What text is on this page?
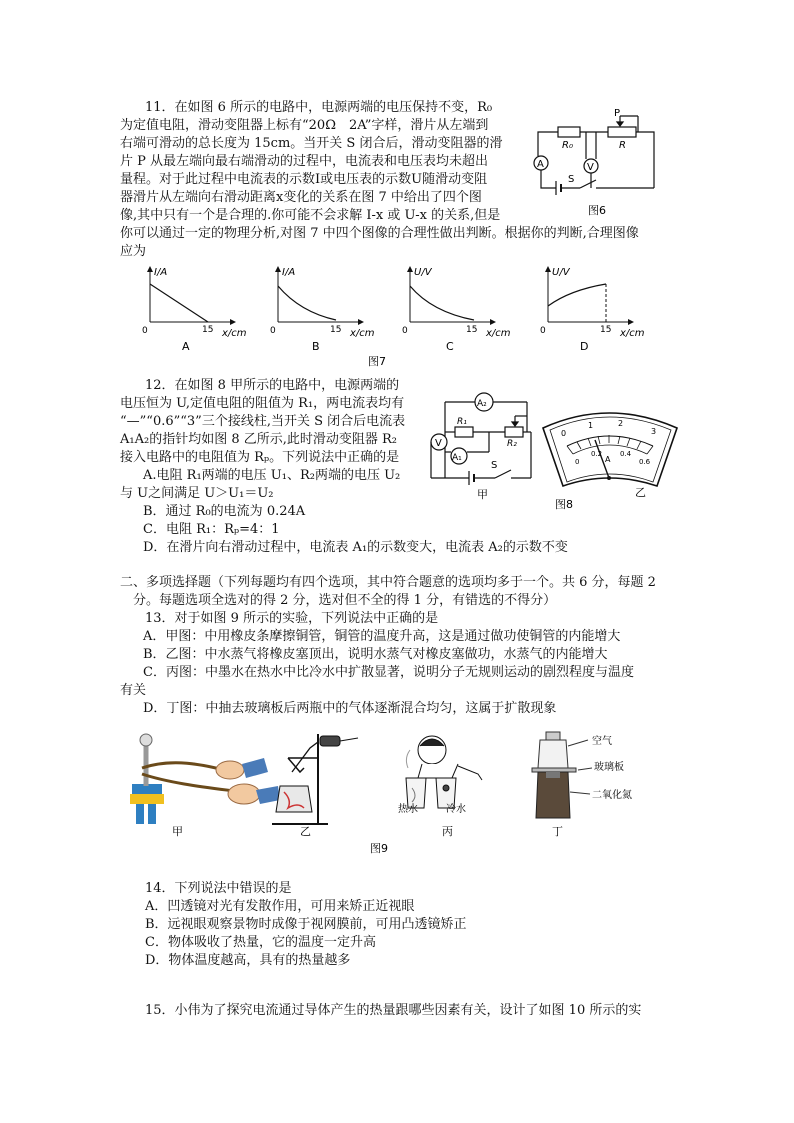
11．在如图 6 所示的电路中，电源两端的电压保持不变，R₀
为定值电阻，滑动变阻器上标有“20Ω　2A”字样，滑片从左端到
右端可滑动的总长度为 15cm。当开关 S 闭合后，滑动变阻器的滑
片 P 从最左端向最右端滑动的过程中，电流表和电压表均未超出
量程。对于此过程中电流表的示数I或电压表的示数U随滑动变阻
器滑片从左端向右滑动距离x变化的关系在图 7 中给出了四个图
像,其中只有一个是合理的.你可能不会求解 I-x 或 U-x 的关系,但是
你可以通过一定的物理分析,对图 7 中四个图像的合理性做出判断。根据你的判断,合理图像
应为
P
R₀	R
A	V
S
图6
I/A
0	15 x/cm
A
I/A
0	15 x/cm
B
U/V
0	15 x/cm
C
U/V
0	15 x/cm
D
图7
12．在如图 8 甲所示的电路中，电源两端的
电压恒为 U,定值电阻的阻值为 R₁，两电流表均有
“—”“0.6”“3”三个接线柱,当开关 S 闭合后电流表
A₁A₂的指针均如图 8 乙所示,此时滑动变阻器 R₂
接入电路中的电阻值为 Rₚ。下列说法中正确的是
　A.电阻 R₁两端的电压 U₁、R₂两端的电压 U₂
与 U之间满足 U＞U₁＝U₂
　B．通过 R₀的电流为 0.24A
　C．电阻 R₁：Rₚ=4：1
　D．在滑片向右滑动过程中，电流表 A₁的示数变大，电流表 A₂的示数不变
A₂
A₁
V
R₁
R₂
S
甲
0
1	2
3
0
0.2	0.4
0.6
A
图8
乙
二、多项选择题（下列每题均有四个选项，其中符合题意的选项均多于一个。共 6 分，每题 2
　分。每题选项全选对的得 2 分，选对但不全的得 1 分，有错选的不得分）
13．对于如图 9 所示的实验，下列说法中正确的是
　A．甲图：中用橡皮条摩擦铜管，铜管的温度升高，这是通过做功使铜管的内能增大
　B．乙图：中水蒸气将橡皮塞顶出，说明水蒸气对橡皮塞做功，水蒸气的内能增大
　C．丙图：中墨水在热水中比冷水中扩散显著，说明分子无规则运动的剧烈程度与温度
有关
　D．丁图：中抽去玻璃板后两瓶中的气体逐渐混合均匀，这属于扩散现象
甲	乙
热水	冷水
丙
空气
玻璃板
二氧化氮
丁
图9
14．下列说法中错误的是
A．凹透镜对光有发散作用，可用来矫正近视眼
B．远视眼观察景物时成像于视网膜前，可用凸透镜矫正
C．物体吸收了热量，它的温度一定升高
D．物体温度越高，具有的热量越多
15．小伟为了探究电流通过导体产生的热量跟哪些因素有关，设计了如图 10 所示的实
